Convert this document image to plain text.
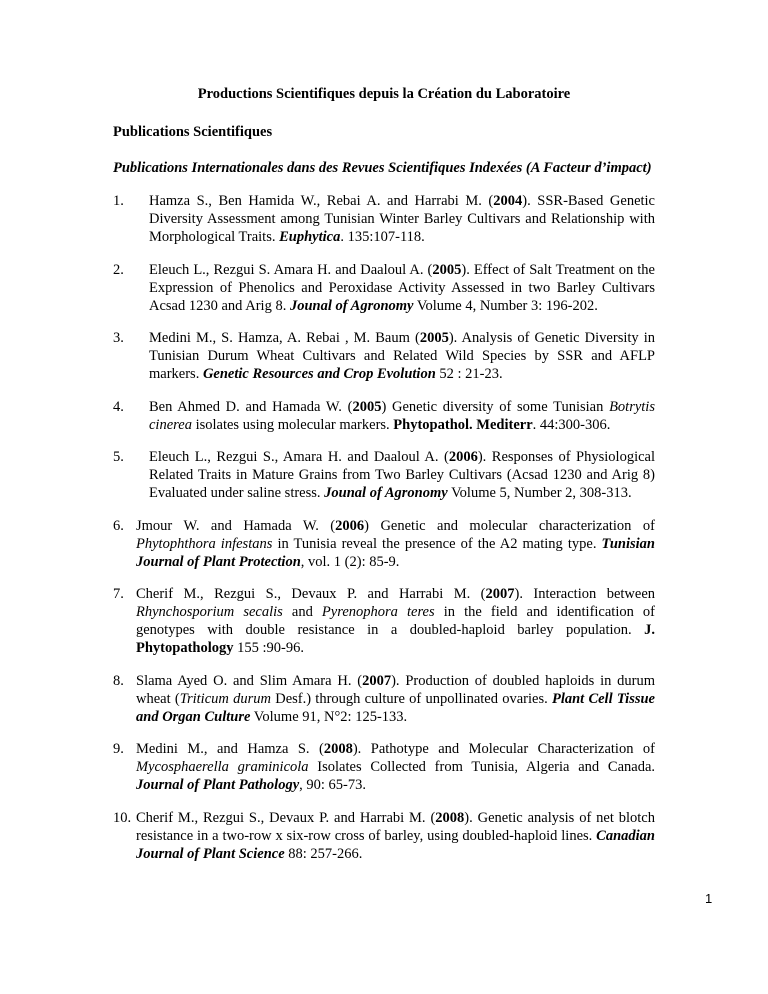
Productions Scientifiques depuis la Création du Laboratoire
Publications Scientifiques
Publications Internationales dans des Revues Scientifiques Indexées (A Facteur d’impact)
1. Hamza S., Ben Hamida W., Rebai A. and Harrabi M. (2004). SSR-Based Genetic Diversity Assessment among Tunisian Winter Barley Cultivars and Relationship with Morphological Traits. Euphytica. 135:107-118.
2. Eleuch L., Rezgui S. Amara H. and Daaloul A. (2005). Effect of Salt Treatment on the Expression of Phenolics and Peroxidase Activity Assessed in two Barley Cultivars Acsad 1230 and Arig 8. Jounal of Agronomy Volume 4, Number 3: 196-202.
3. Medini M., S. Hamza, A. Rebai , M. Baum (2005). Analysis of Genetic Diversity in Tunisian Durum Wheat Cultivars and Related Wild Species by SSR and AFLP markers. Genetic Resources and Crop Evolution 52 : 21-23.
4. Ben Ahmed D. and Hamada W. (2005) Genetic diversity of some Tunisian Botrytis cinerea isolates using molecular markers. Phytopathol. Mediterr. 44:300-306.
5. Eleuch L., Rezgui S., Amara H. and Daaloul A. (2006). Responses of Physiological Related Traits in Mature Grains from Two Barley Cultivars (Acsad 1230 and Arig 8) Evaluated under saline stress. Jounal of Agronomy Volume 5, Number 2, 308-313.
6. Jmour W. and Hamada W. (2006) Genetic and molecular characterization of Phytophthora infestans in Tunisia reveal the presence of the A2 mating type. Tunisian Journal of Plant Protection, vol. 1 (2): 85-9.
7. Cherif M., Rezgui S., Devaux P. and Harrabi M. (2007). Interaction between Rhynchosporium secalis and Pyrenophora teres in the field and identification of genotypes with double resistance in a doubled-haploid barley population. J. Phytopathology 155 :90-96.
8. Slama Ayed O. and Slim Amara H. (2007). Production of doubled haploids in durum wheat (Triticum durum Desf.) through culture of unpollinated ovaries. Plant Cell Tissue and Organ Culture Volume 91, N°2: 125-133.
9. Medini M., and Hamza S. (2008). Pathotype and Molecular Characterization of Mycosphaerella graminicola Isolates Collected from Tunisia, Algeria and Canada. Journal of Plant Pathology, 90: 65-73.
10. Cherif M., Rezgui S., Devaux P. and Harrabi M. (2008). Genetic analysis of net blotch resistance in a two-row x six-row cross of barley, using doubled-haploid lines. Canadian Journal of Plant Science 88: 257-266.
1
